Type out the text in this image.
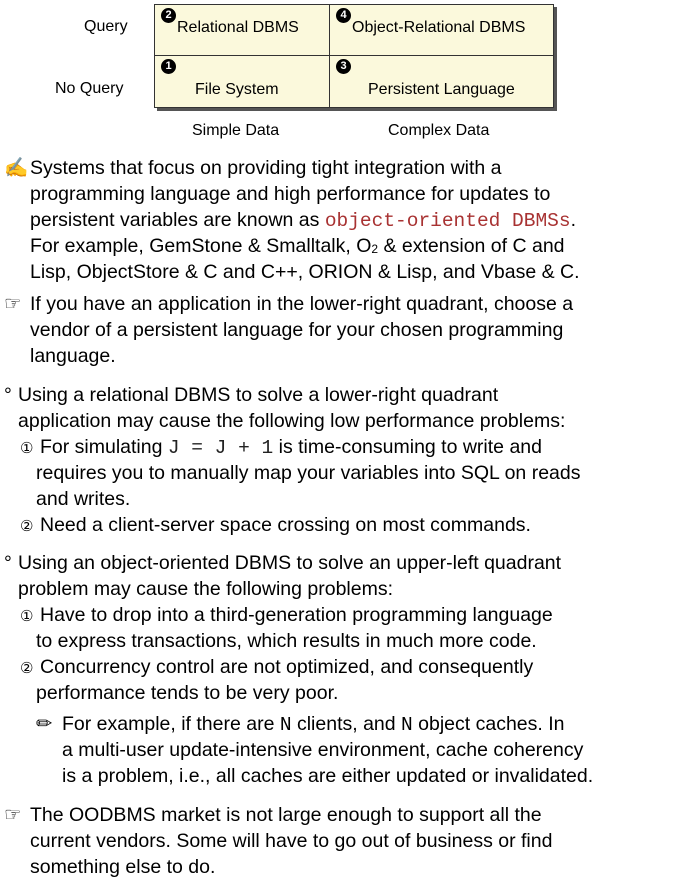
Query
No Query
2
Relational DBMS
4
Object-Relational DBMS
1
File System
3
Persistent Language
Simple Data	Complex Data
✍ Systems that focus on providing tight integration with a
programming language and high performance for updates to
persistent variables are known as object-oriented DBMSs.
For example, GemStone & Smalltalk, $O_2$ & extension of C and
Lisp, ObjectStore & C and C++, ORION & Lisp, and Vbase & C.
☞ If you have an application in the lower-right quadrant, choose a
vendor of a persistent language for your chosen programming
language.
° Using a relational DBMS to solve a lower-right quadrant
application may cause the following low performance problems:
① For simulating J = J + 1 is time-consuming to write and
requires you to manually map your variables into SQL on reads
and writes.
② Need a client-server space crossing on most commands.
° Using an object-oriented DBMS to solve an upper-left quadrant
problem may cause the following problems:
① Have to drop into a third-generation programming language
to express transactions, which results in much more code.
② Concurrency control are not optimized, and consequently
performance tends to be very poor.
✏ For example, if there are N clients, and N object caches. In
a multi-user update-intensive environment, cache coherency
is a problem, i.e., all caches are either updated or invalidated.
☞ The OODBMS market is not large enough to support all the
current vendors. Some will have to go out of business or find
something else to do.
